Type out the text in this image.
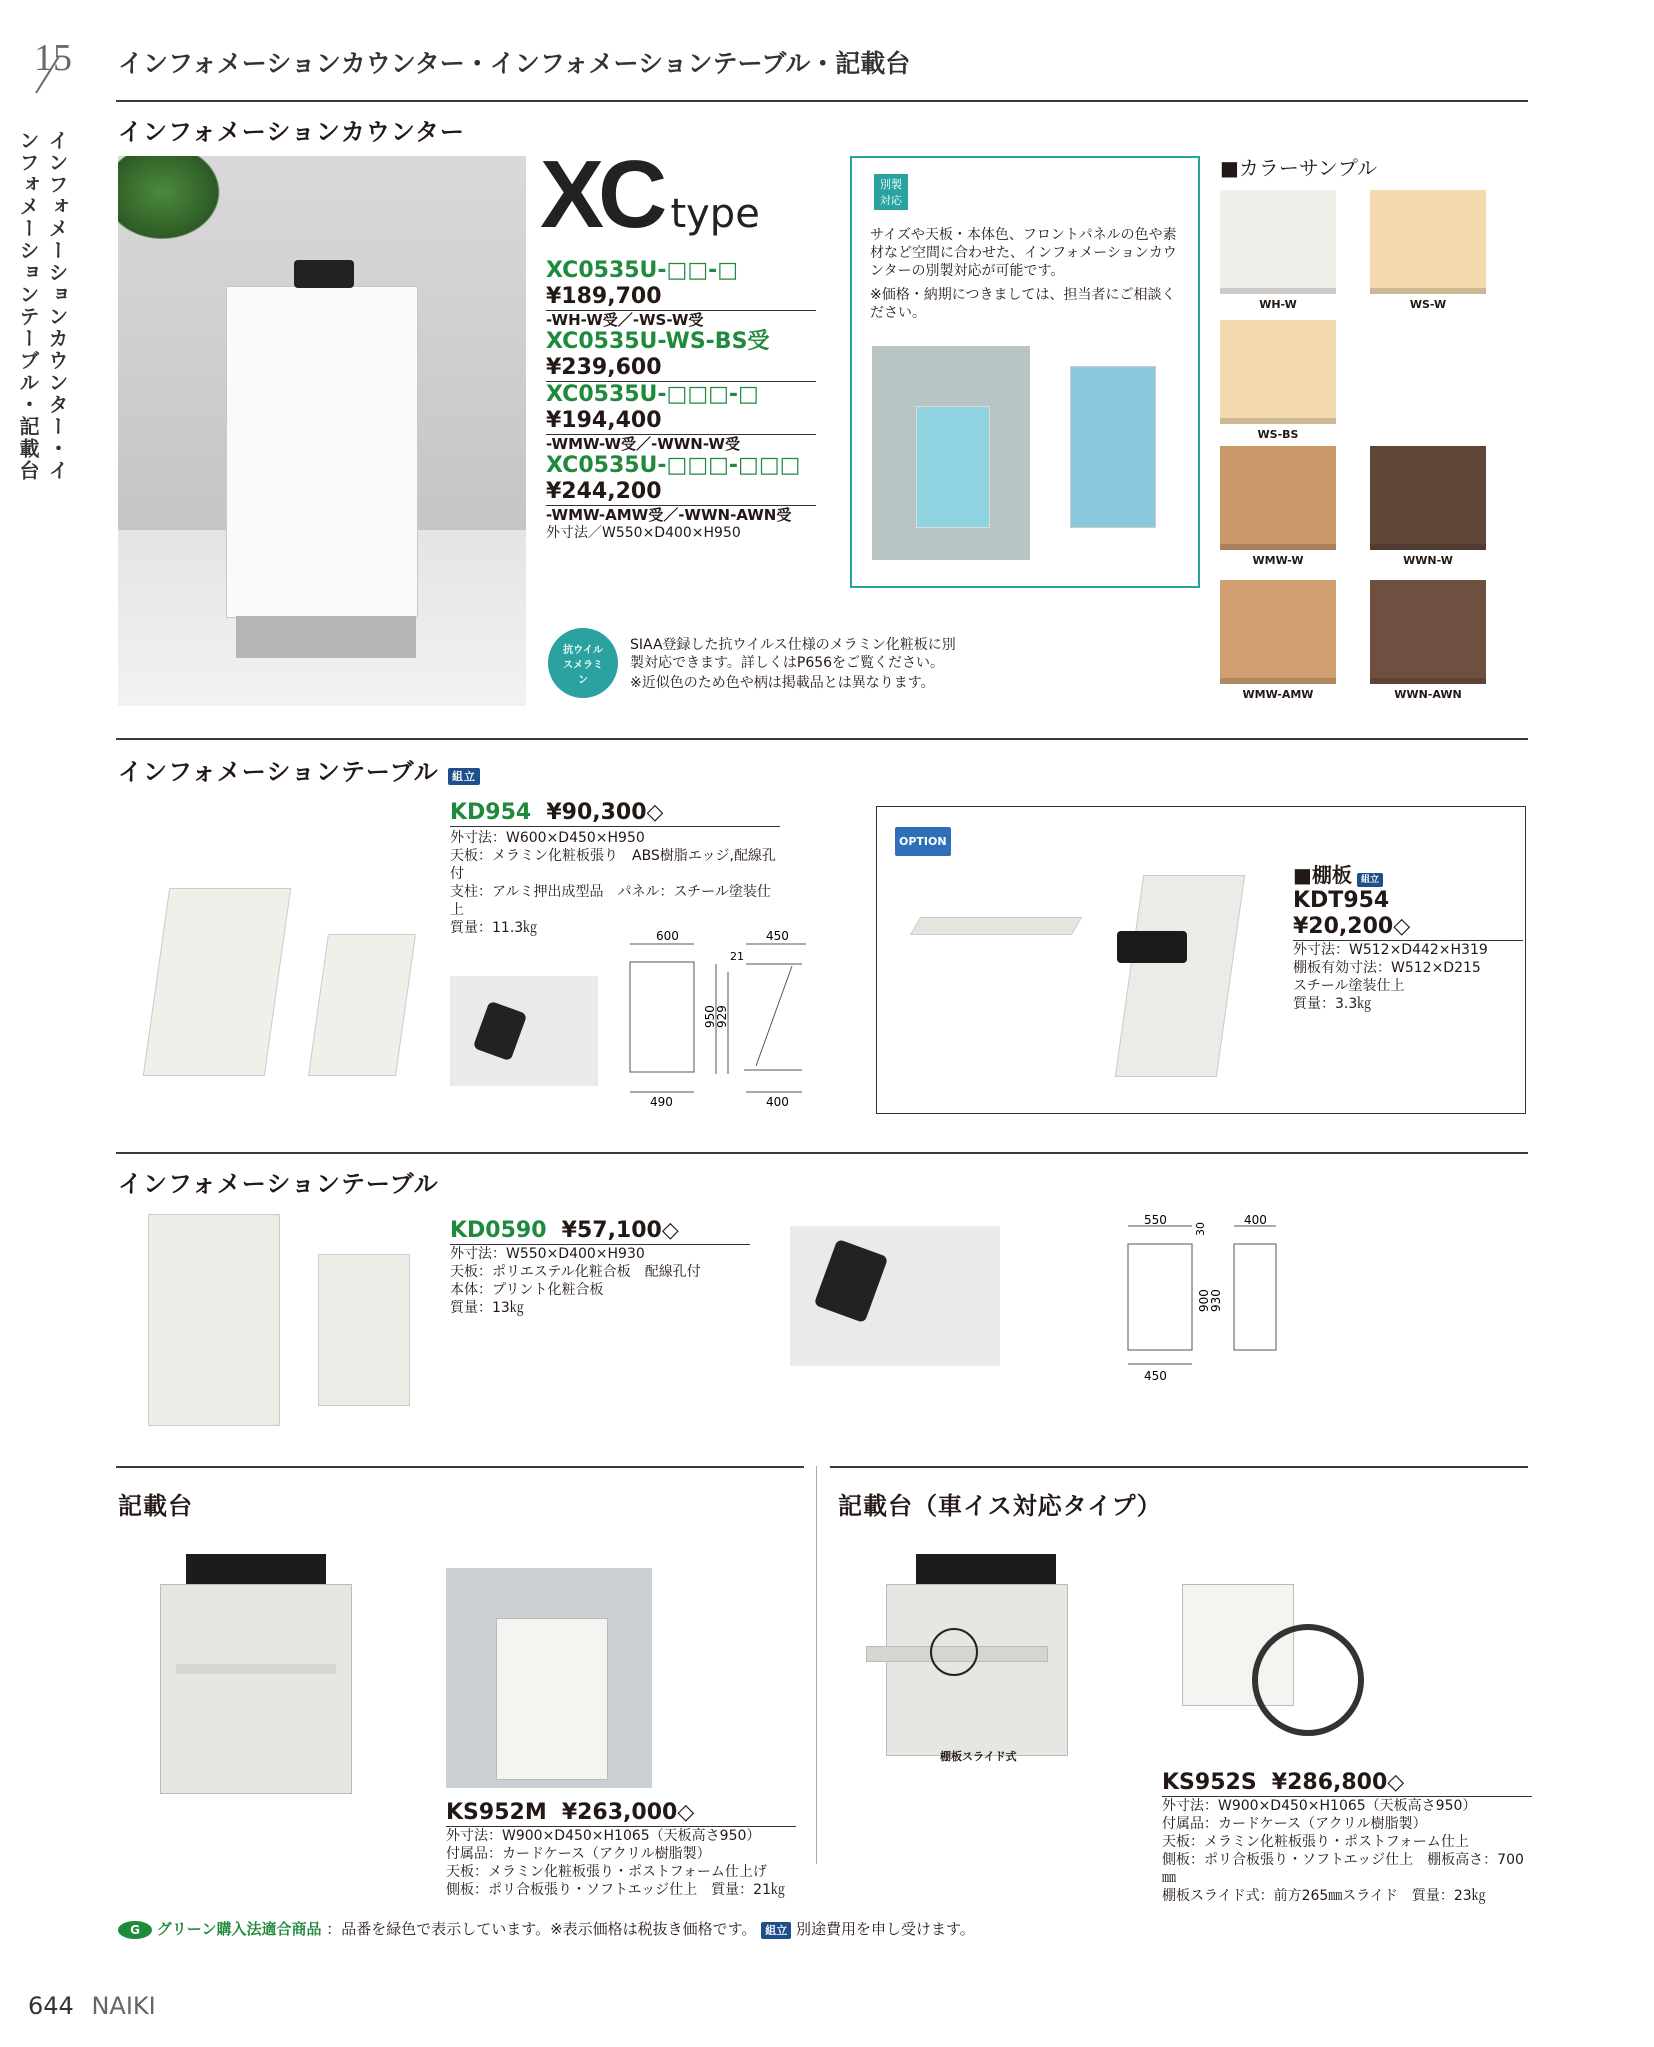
15
インフォメーションカウンター・インフォメーションテーブル・記載台
インフォメーションカウンター・インフォメーションテーブル・記載台
インフォメーションカウンター
XC type
XC0535U-□□-□
¥189,700
-WH-W受／-WS-W受
XC0535U-WS-BS受
¥239,600
XC0535U-□□□-□
¥194,400
-WMW-W受／-WWN-W受
XC0535U-□□□-□□□
¥244,200
-WMW-AMW受／-WWN-AWN受
外寸法／W550×D400×H950
別製対応
サイズや天板・本体色、フロントパネルの色や素材など空間に合わせた、インフォメーションカウンターの別製対応が可能です。
※価格・納期につきましては、担当者にご相談ください。
抗ウイルスメラミン
SIAA登録した抗ウイルス仕様のメラミン化粧板に別製対応できます。詳しくはP656をご覧ください。
※近似色のため色や柄は掲載品とは異なります。
■カラーサンプル
WH-W	WS-W
WS-BS
WMW-W	WWN-W
WMW-AMW	WWN-AWN
インフォメーションテーブル 組立
KD954 ¥90,300◇
外寸法：W600×D450×H950
天板：メラミン化粧板張り　ABS樹脂エッジ,配線孔付
支柱：アルミ押出成型品　パネル：スチール塗装仕上
質量：11.3㎏	600	450
21
950
929
490	400
OPTION
■棚板 組立
KDT954
¥20,200◇
外寸法：W512×D442×H319
棚板有効寸法：W512×D215
スチール塗装仕上
質量：3.3㎏
インフォメーションテーブル
KD0590 ¥57,100◇
外寸法：W550×D400×H930
天板：ポリエステル化粧合板　配線孔付
本体：プリント化粧合板
質量：13㎏
550
30
400
900
930
450
記載台
KS952M ¥263,000◇
外寸法：W900×D450×H1065（天板高さ950）
付属品：カードケース（アクリル樹脂製）
天板：メラミン化粧板張り・ポストフォーム仕上げ
側板：ポリ合板張り・ソフトエッジ仕上　質量：21㎏
記載台（車イス対応タイプ）
棚板スライド式
KS952S ¥286,800◇
外寸法：W900×D450×H1065（天板高さ950）
付属品：カードケース（アクリル樹脂製）
天板：メラミン化粧板張り・ポストフォーム仕上
側板：ポリ合板張り・ソフトエッジ仕上　棚板高さ：700㎜
棚板スライド式：前方265㎜スライド　質量：23㎏
G グリーン購入法適合商品 ：品番を緑色で表示しています。※表示価格は税抜き価格です。 組立 別途費用を申し受けます。
644 NAIKI
